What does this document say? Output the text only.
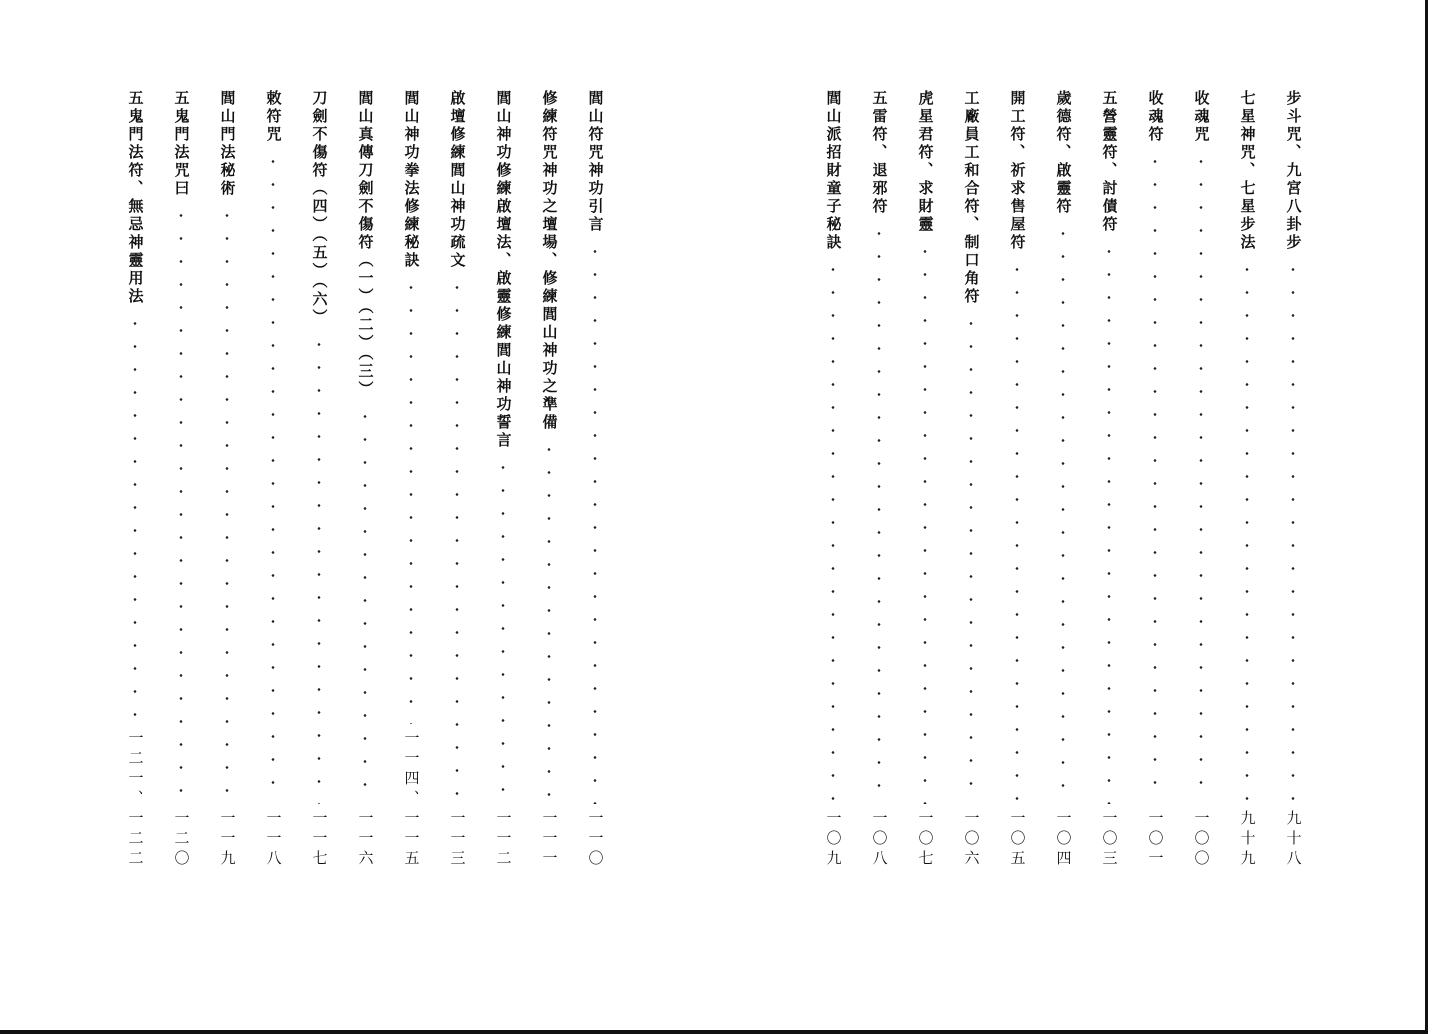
閭山符咒神功引言
一一〇
修練符咒神功之壇場、修練閭山神功之準備
一一一
閭山神功修練啟壇法、啟靈修練閭山神功誓言
一一二
啟壇修練閭山神功疏文
一一三
閭山神功拳法修練秘訣
一一四、一一五
閭山真傳刀劍不傷符（一）（二）（三）
一一六
刀劍不傷符（四）（五）（六）
一一七
敕符咒
一一八
閭山門法秘術
一一九
五鬼門法咒曰
一二〇
五鬼門法符、無忌神靈用法
一二一、一二二
步斗咒、九宮八卦步
九十八
七星神咒、七星步法
九十九
收魂咒
一〇〇
收魂符
一〇一
五營靈符、討債符
一〇三
歲德符、啟靈符
一〇四
開工符、祈求售屋符
一〇五
工廠員工和合符、制口角符
一〇六
虎星君符、求財靈
一〇七
五雷符、退邪符
一〇八
閭山派招財童子秘訣
一〇九
